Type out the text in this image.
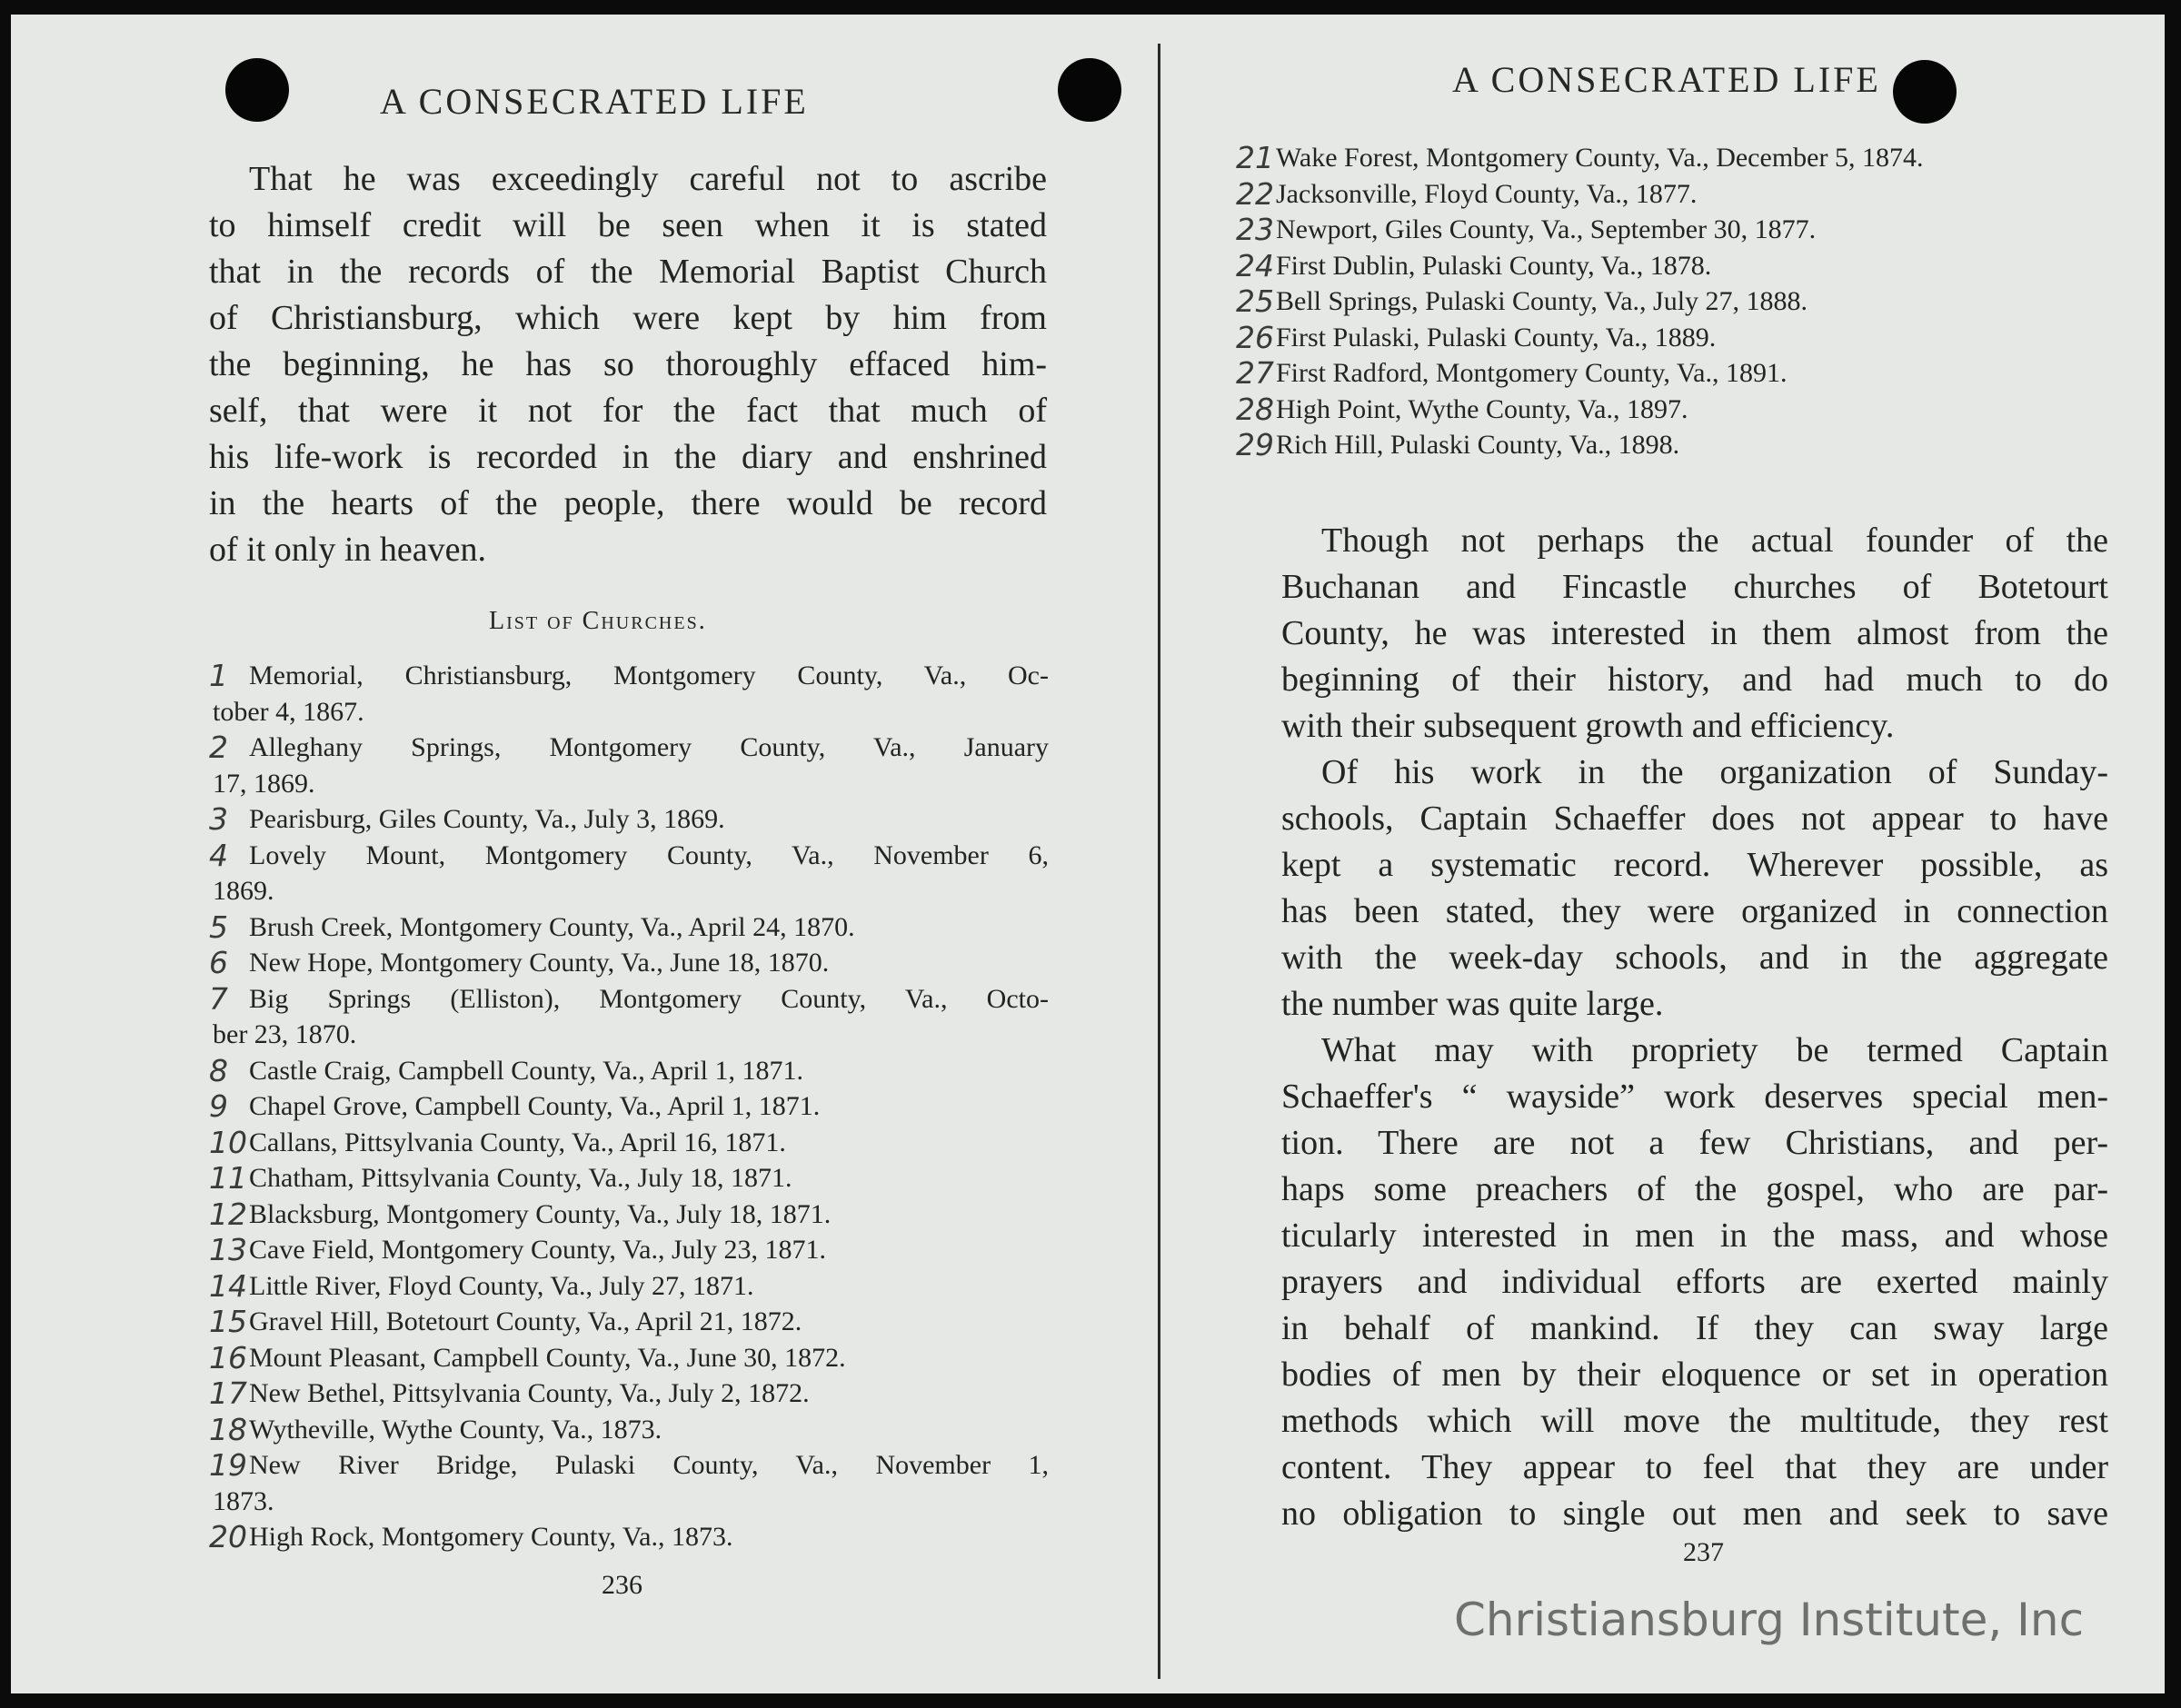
A CONSECRATED LIFE

That he was exceedingly careful not to ascribe

to himself credit will be seen when it is stated

that in the records of the Memorial Baptist Church

of Christiansburg, which were kept by him from

the beginning, he has so thoroughly effaced him-

self, that were it not for the fact that much of

his life-work is recorded in the diary and enshrined

in the hearts of the people, there would be record

of it only in heaven.

List of Churches.
1 Memorial, Christiansburg, Montgomery County, Va., Oc-
tober 4, 1867.
2 Alleghany Springs, Montgomery County, Va., January
17, 1869.
3 Pearisburg, Giles County, Va., July 3, 1869.
4 Lovely Mount, Montgomery County, Va., November 6,
1869.
5 Brush Creek, Montgomery County, Va., April 24, 1870.
6 New Hope, Montgomery County, Va., June 18, 1870.
7 Big Springs (Elliston), Montgomery County, Va., Octo-
ber 23, 1870.
8 Castle Craig, Campbell County, Va., April 1, 1871.
9 Chapel Grove, Campbell County, Va., April 1, 1871.
10 Callans, Pittsylvania County, Va., April 16, 1871.
11 Chatham, Pittsylvania County, Va., July 18, 1871.
12 Blacksburg, Montgomery County, Va., July 18, 1871.
13 Cave Field, Montgomery County, Va., July 23, 1871.
14 Little River, Floyd County, Va., July 27, 1871.
15 Gravel Hill, Botetourt County, Va., April 21, 1872.
16 Mount Pleasant, Campbell County, Va., June 30, 1872.
17 New Bethel, Pittsylvania County, Va., July 2, 1872.
18 Wytheville, Wythe County, Va., 1873.
19 New River Bridge, Pulaski County, Va., November 1,
1873.
20 High Rock, Montgomery County, Va., 1873.
236
A CONSECRATED LIFE
21 Wake Forest, Montgomery County, Va., December 5, 1874.
22 Jacksonville, Floyd County, Va., 1877.
23 Newport, Giles County, Va., September 30, 1877.
24 First Dublin, Pulaski County, Va., 1878.
25 Bell Springs, Pulaski County, Va., July 27, 1888.
26 First Pulaski, Pulaski County, Va., 1889.
27 First Radford, Montgomery County, Va., 1891.
28 High Point, Wythe County, Va., 1897.
29 Rich Hill, Pulaski County, Va., 1898.

Though not perhaps the actual founder of the

Buchanan and Fincastle churches of Botetourt

County, he was interested in them almost from the

beginning of their history, and had much to do

with their subsequent growth and efficiency.

Of his work in the organization of Sunday-

schools, Captain Schaeffer does not appear to have

kept a systematic record. Wherever possible, as

has been stated, they were organized in connection

with the week-day schools, and in the aggregate

the number was quite large.

What may with propriety be termed Captain

Schaeffer's “ wayside” work deserves special men-

tion. There are not a few Christians, and per-

haps some preachers of the gospel, who are par-

ticularly interested in men in the mass, and whose

prayers and individual efforts are exerted mainly

in behalf of mankind. If they can sway large

bodies of men by their eloquence or set in operation

methods which will move the multitude, they rest

content. They appear to feel that they are under

no obligation to single out men and seek to save

237
Christiansburg Institute, Inc
